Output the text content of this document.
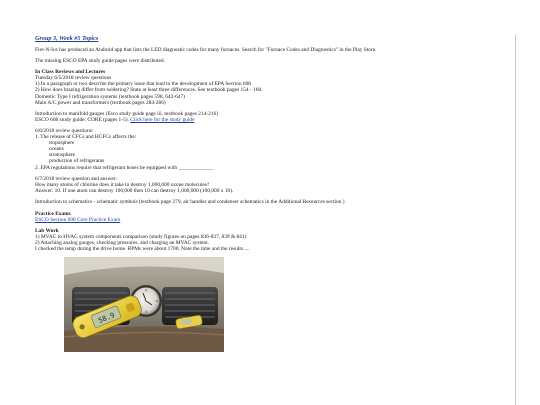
Group 3, Week #5 Topics

Fire-N-Ice has produced an Android app that lists the LED diagnostic codes for many furnaces. Search for "Furnace Codes and Diagnostics" in the Play Store.

The missing ESCO EPA study guide pages were distributed.

In Class Reviews and Lectures

Tuesday 6/5/2018 review questions
1) In a paragraph or two describe the primary issue that lead to the development of EPA Section 608
2) How does brazing differ from soldering? State at least three differences. See textbook pages 154 - 160.
Domestic Type I refrigeration systems (textbook pages 598, 642-647)
Main A/C power and transformers (textbook pages 284-286)
Introduction to manifold gauges (Esco study guide page iii, textbook pages 214-216)
ESCO 608 study guide: CORE (pages 1-5). Click here for the study guide
6/6/2018 review questions:
1. The release of CFCs and HCFCs affects the:
troposphere
oceans
stratosphere
production of refrigerants
2. EPA regulations require that refrigerant hoses be equipped with _____________
6/7/2018 review question and answer:
How many atoms of chlorine does it take to destroy 1,000,000 ozone molecules?
Answer: 10. If one atom can destroy 100,000 then 10 can destroy 1,000,000 (100,000 x 10).
Introduction to schematics - schematic symbols (textbook page 279, air handler and condenser schematics in the Additional Resources section )

Practice Exams

ESCO Section 608 Core Practice Exam

Lab Work

1) MVAC to HVAC system components comparison (study figures on pages 836-837, 839 & 841)
2) Attaching analog gauges, checking pressures, and charging an MVAC system.
I checked the temp during the drive home. RPMs were about 1700. Note the time and the results ....
58.9
